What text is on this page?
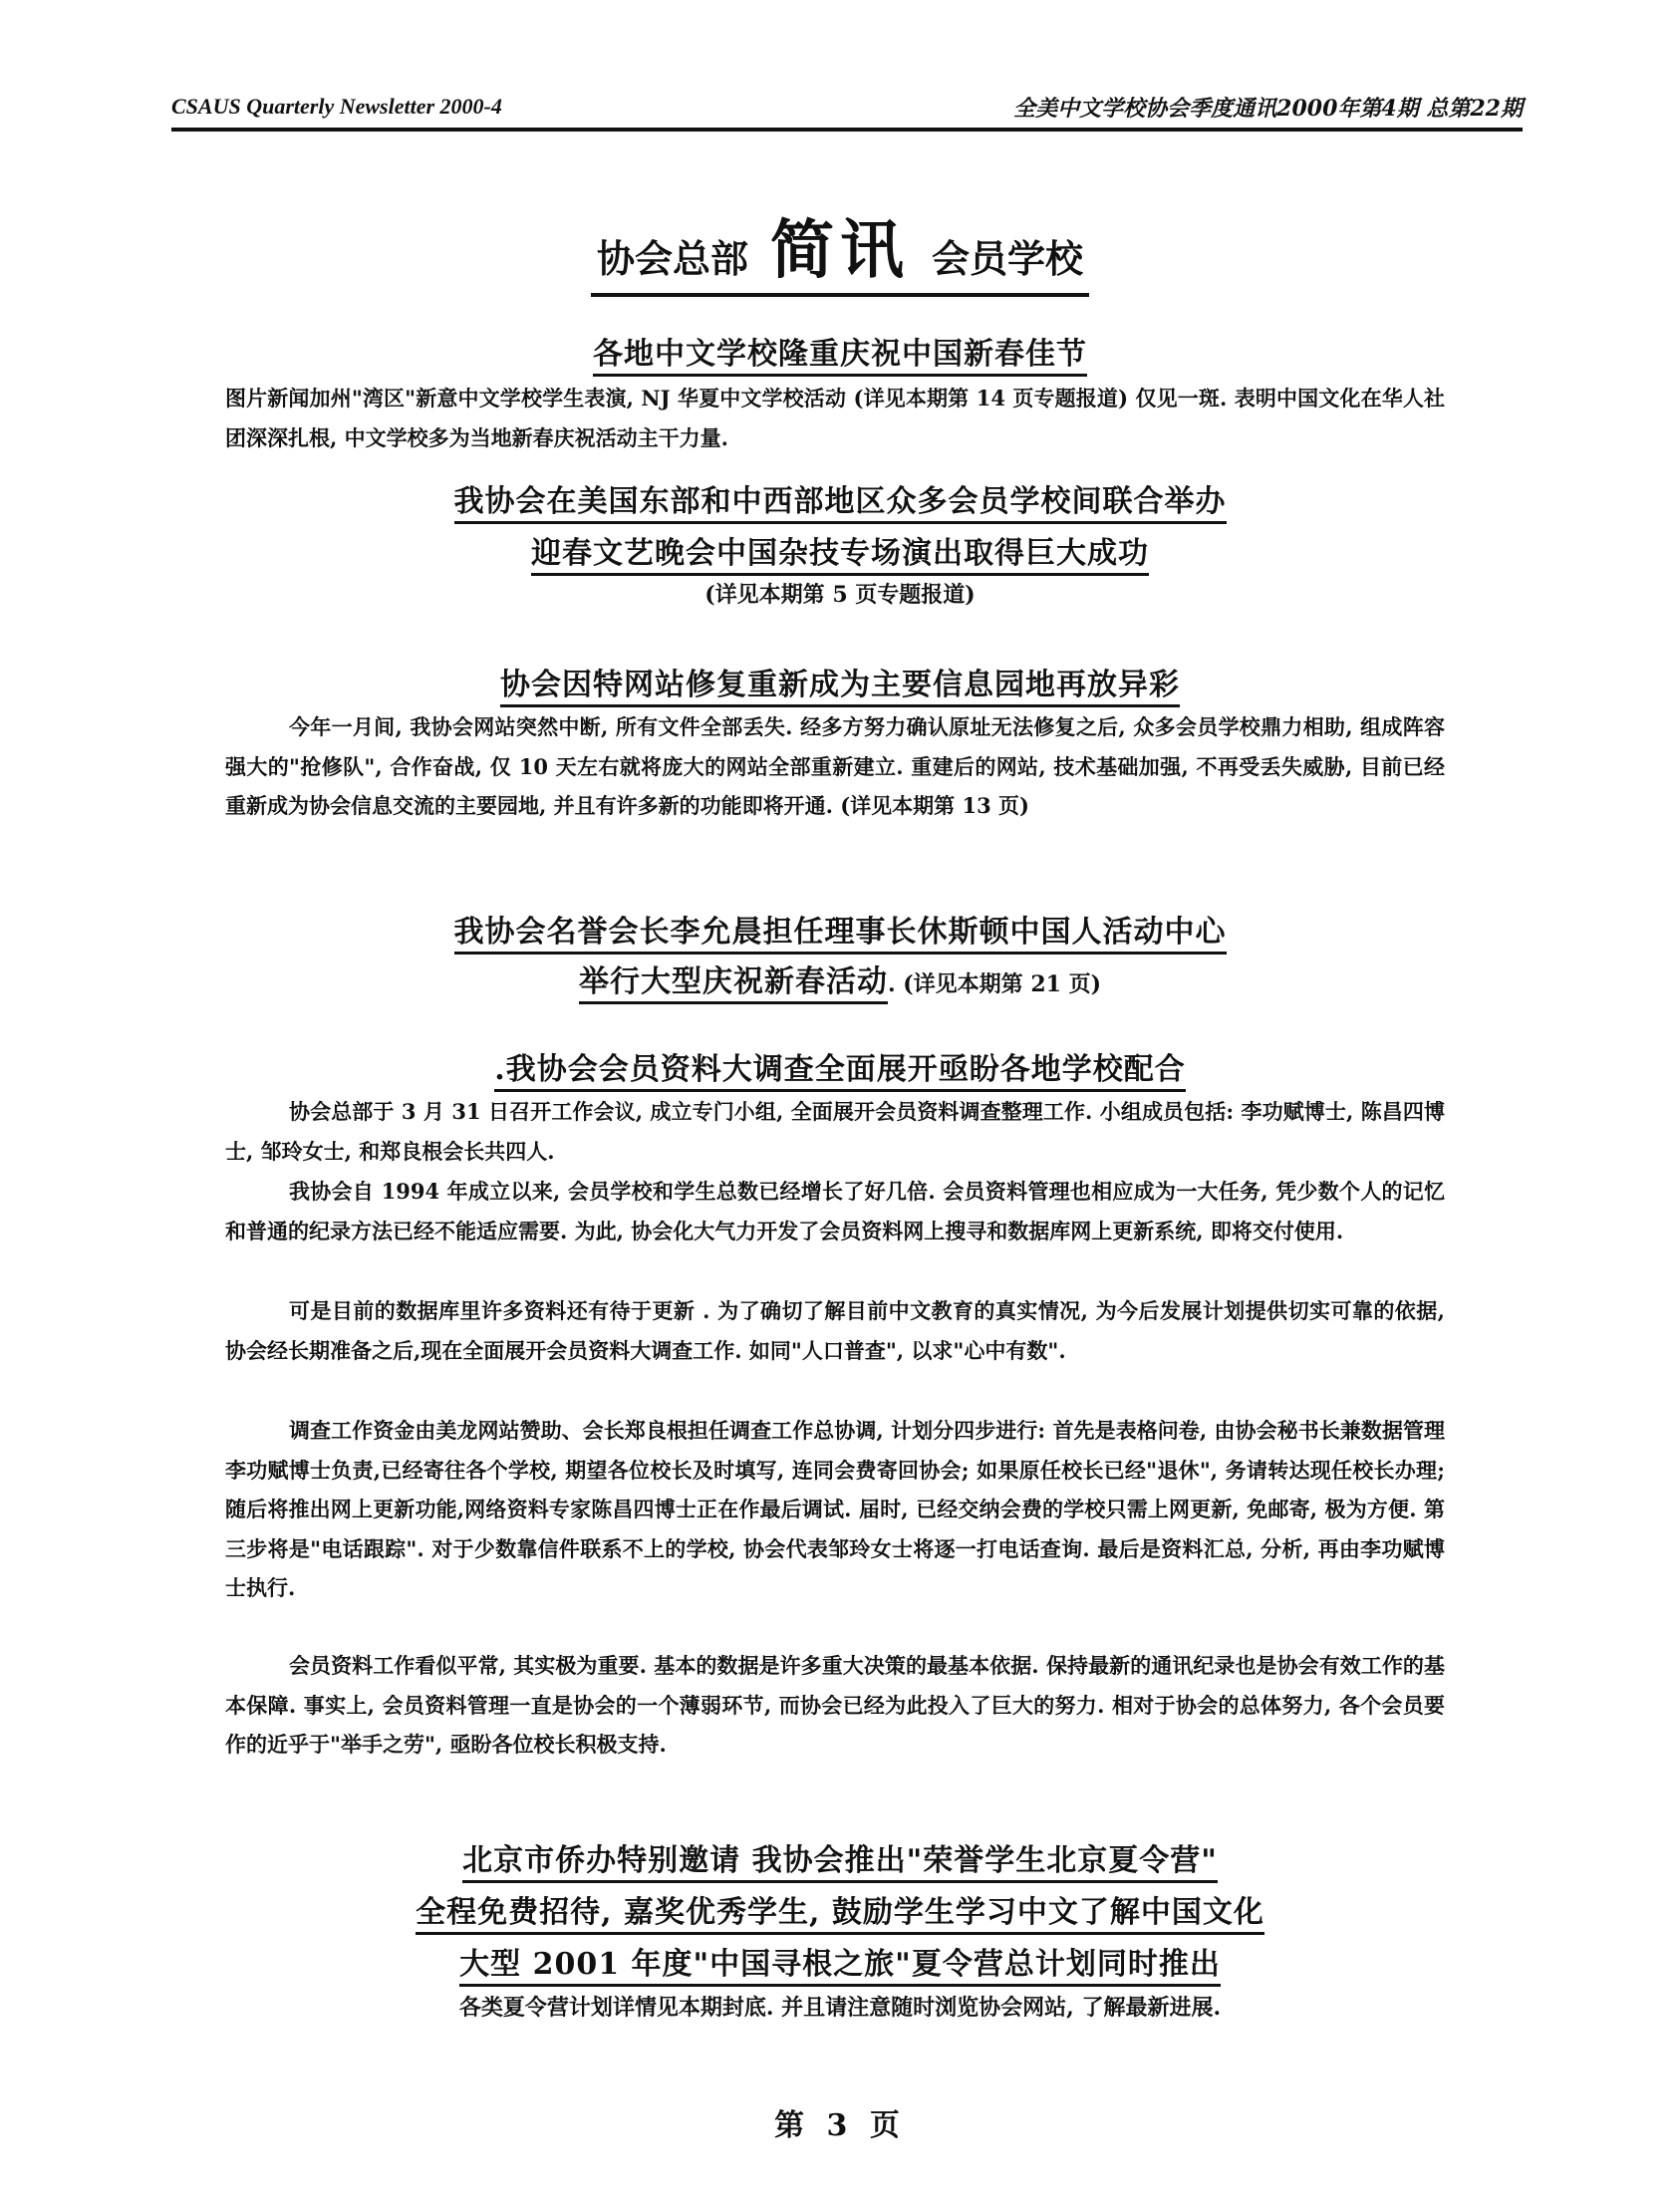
CSAUS Quarterly Newsletter 2000-4	全美中文学校协会季度通讯2000年第4期 总第22期
协会总部 简讯 会员学校
各地中文学校隆重庆祝中国新春佳节
图片新闻加州"湾区"新意中文学校学生表演, NJ 华夏中文学校活动 (详见本期第 14 页专题报道) 仅见一斑. 表明中国文化在华人社团深深扎根, 中文学校多为当地新春庆祝活动主干力量.
我协会在美国东部和中西部地区众多会员学校间联合举办
迎春文艺晚会中国杂技专场演出取得巨大成功
(详见本期第 5 页专题报道)
协会因特网站修复重新成为主要信息园地再放异彩
今年一月间, 我协会网站突然中断, 所有文件全部丢失. 经多方努力确认原址无法修复之后, 众多会员学校鼎力相助, 组成阵容强大的"抢修队", 合作奋战, 仅 10 天左右就将庞大的网站全部重新建立. 重建后的网站, 技术基础加强, 不再受丢失威胁, 目前已经重新成为协会信息交流的主要园地, 并且有许多新的功能即将开通. (详见本期第 13 页)
我协会名誉会长李允晨担任理事长休斯顿中国人活动中心
举行大型庆祝新春活动. (详见本期第 21 页)
.我协会会员资料大调查全面展开亟盼各地学校配合
协会总部于 3 月 31 日召开工作会议, 成立专门小组, 全面展开会员资料调查整理工作. 小组成员包括: 李功赋博士, 陈昌四博士, 邹玲女士, 和郑良根会长共四人.
我协会自 1994 年成立以来, 会员学校和学生总数已经增长了好几倍. 会员资料管理也相应成为一大任务, 凭少数个人的记忆和普通的纪录方法已经不能适应需要. 为此, 协会化大气力开发了会员资料网上搜寻和数据库网上更新系统, 即将交付使用.
可是目前的数据库里许多资料还有待于更新 . 为了确切了解目前中文教育的真实情况, 为今后发展计划提供切实可靠的依据, 协会经长期准备之后,现在全面展开会员资料大调查工作. 如同"人口普查", 以求"心中有数".
调查工作资金由美龙网站赞助、会长郑良根担任调查工作总协调, 计划分四步进行: 首先是表格问卷, 由协会秘书长兼数据管理李功赋博士负责,已经寄往各个学校, 期望各位校长及时填写, 连同会费寄回协会; 如果原任校长已经"退休", 务请转达现任校长办理; 随后将推出网上更新功能,网络资料专家陈昌四博士正在作最后调试. 届时, 已经交纳会费的学校只需上网更新, 免邮寄, 极为方便. 第三步将是"电话跟踪". 对于少数靠信件联系不上的学校, 协会代表邹玲女士将逐一打电话查询. 最后是资料汇总, 分析, 再由李功赋博士执行.
会员资料工作看似平常, 其实极为重要. 基本的数据是许多重大决策的最基本依据. 保持最新的通讯纪录也是协会有效工作的基本保障. 事实上, 会员资料管理一直是协会的一个薄弱环节, 而协会已经为此投入了巨大的努力. 相对于协会的总体努力, 各个会员要作的近乎于"举手之劳", 亟盼各位校长积极支持.
北京市侨办特别邀请 我协会推出"荣誉学生北京夏令营"
全程免费招待, 嘉奖优秀学生, 鼓励学生学习中文了解中国文化
大型 2001 年度"中国寻根之旅"夏令营总计划同时推出
各类夏令营计划详情见本期封底. 并且请注意随时浏览协会网站, 了解最新进展.
第 3 页
